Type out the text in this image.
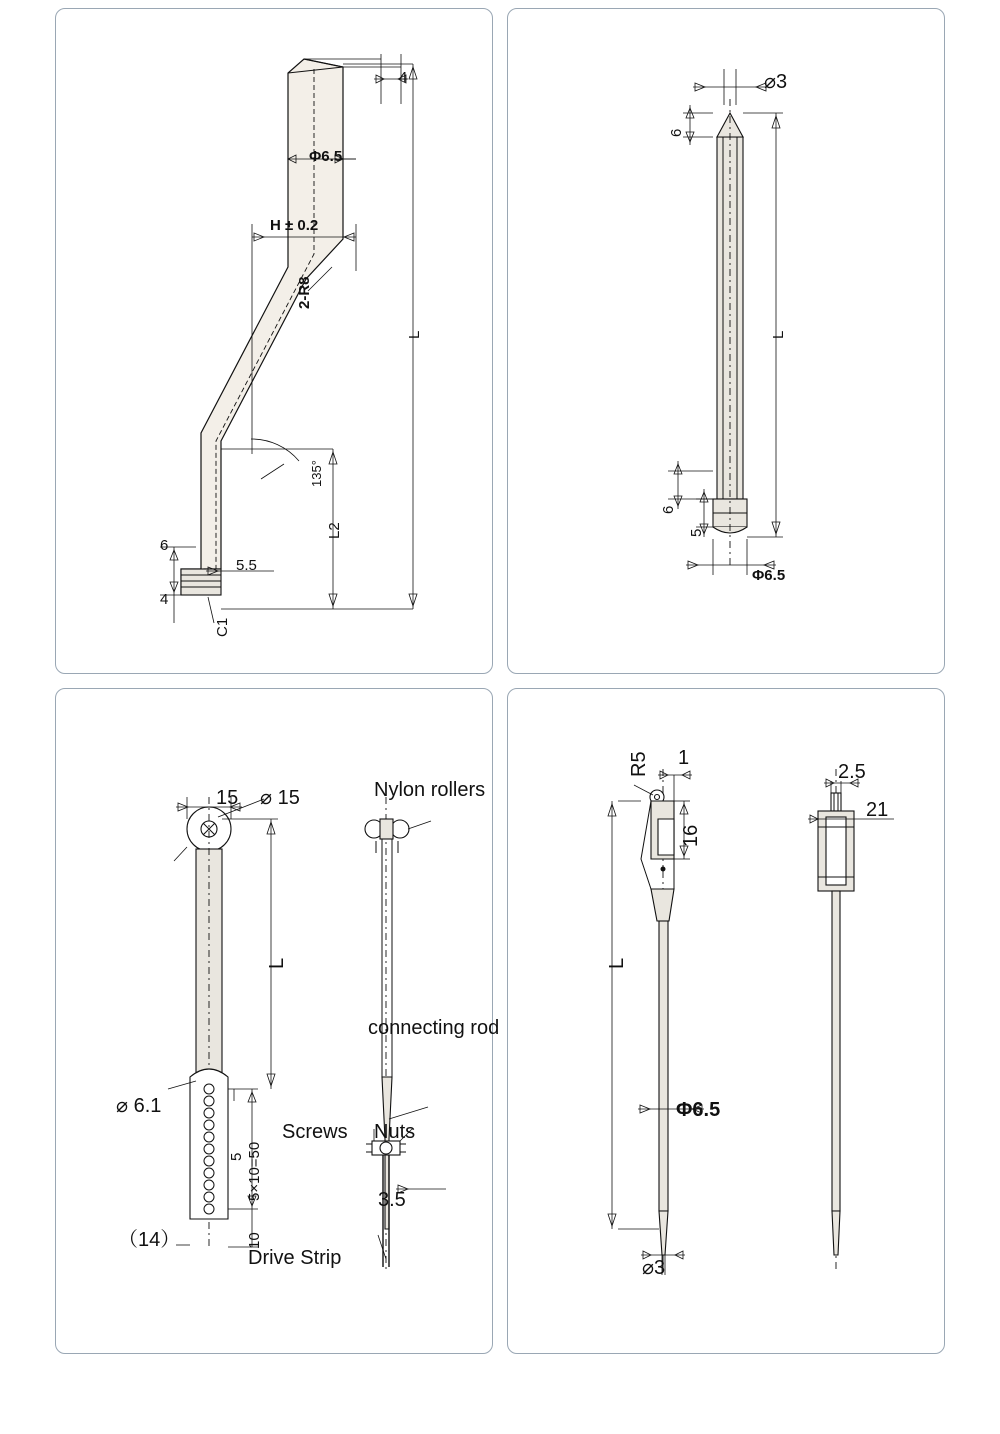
4
Φ6.5
H ± 0.2
2-R8
135°
L
L2
6
5.5
4
C1
⌀3
6
L
6
5
Φ6.5
15 ⌀ 15	Nylon rollers
L
connecting rod
⌀ 6.1
5×10=50
5
10
Screws Nuts
3.5
（14）
Drive Strip
1
R5
16
2.5
21
L
Φ6.5
⌀3
